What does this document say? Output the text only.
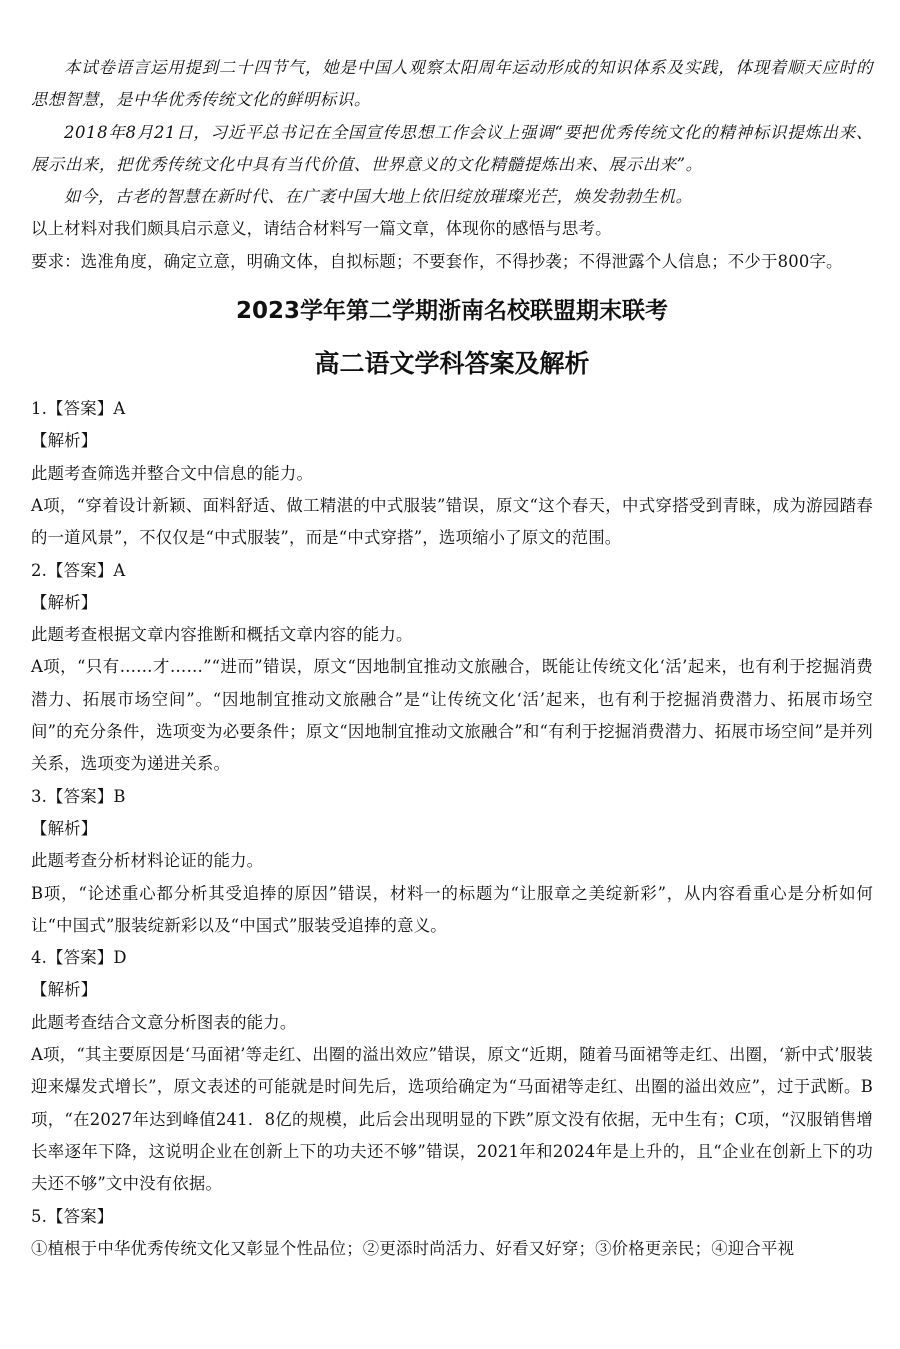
本试卷语言运用提到二十四节气，她是中国人观察太阳周年运动形成的知识体系及实践，体现着顺天应时的思想智慧，是中华优秀传统文化的鲜明标识。

2018年8月21日，习近平总书记在全国宣传思想工作会议上强调“要把优秀传统文化的精神标识提炼出来、展示出来，把优秀传统文化中具有当代价值、世界意义的文化精髓提炼出来、展示出来”。

如今，古老的智慧在新时代、在广袤中国大地上依旧绽放璀璨光芒，焕发勃勃生机。

以上材料对我们颇具启示意义，请结合材料写一篇文章，体现你的感悟与思考。

要求：选准角度，确定立意，明确文体，自拟标题；不要套作，不得抄袭；不得泄露个人信息；不少于800字。

2023学年第二学期浙南名校联盟期末联考
高二语文学科答案及解析

1.【答案】A

【解析】

此题考查筛选并整合文中信息的能力。

A项，“穿着设计新颖、面料舒适、做工精湛的中式服装”错误，原文“这个春天，中式穿搭受到青睐，成为游园踏春的一道风景”，不仅仅是“中式服装”，而是“中式穿搭”，选项缩小了原文的范围。

2.【答案】A

【解析】

此题考查根据文章内容推断和概括文章内容的能力。

A项，“只有……才……”“进而”错误，原文“因地制宜推动文旅融合，既能让传统文化‘活’起来，也有利于挖掘消费潜力、拓展市场空间”。“因地制宜推动文旅融合”是“让传统文化‘活’起来，也有利于挖掘消费潜力、拓展市场空间”的充分条件，选项变为必要条件；原文“因地制宜推动文旅融合”和“有利于挖掘消费潜力、拓展市场空间”是并列关系，选项变为递进关系。

3.【答案】B

【解析】

此题考查分析材料论证的能力。

B项，“论述重心都分析其受追捧的原因”错误，材料一的标题为“让服章之美绽新彩”，从内容看重心是分析如何让“中国式”服装绽新彩以及“中国式”服装受追捧的意义。

4.【答案】D

【解析】

此题考查结合文意分析图表的能力。

A项，“其主要原因是‘马面裙’等走红、出圈的溢出效应”错误，原文“近期，随着马面裙等走红、出圈，‘新中式’服装迎来爆发式增长”，原文表述的可能就是时间先后，选项给确定为“马面裙等走红、出圈的溢出效应”，过于武断。B项，“在2027年达到峰值241．8亿的规模，此后会出现明显的下跌”原文没有依据，无中生有；C项，“汉服销售增长率逐年下降，这说明企业在创新上下的功夫还不够”错误，2021年和2024年是上升的，且“企业在创新上下的功夫还不够”文中没有依据。

5.【答案】

①植根于中华优秀传统文化又彰显个性品位；②更添时尚活力、好看又好穿；③价格更亲民；④迎合平视
